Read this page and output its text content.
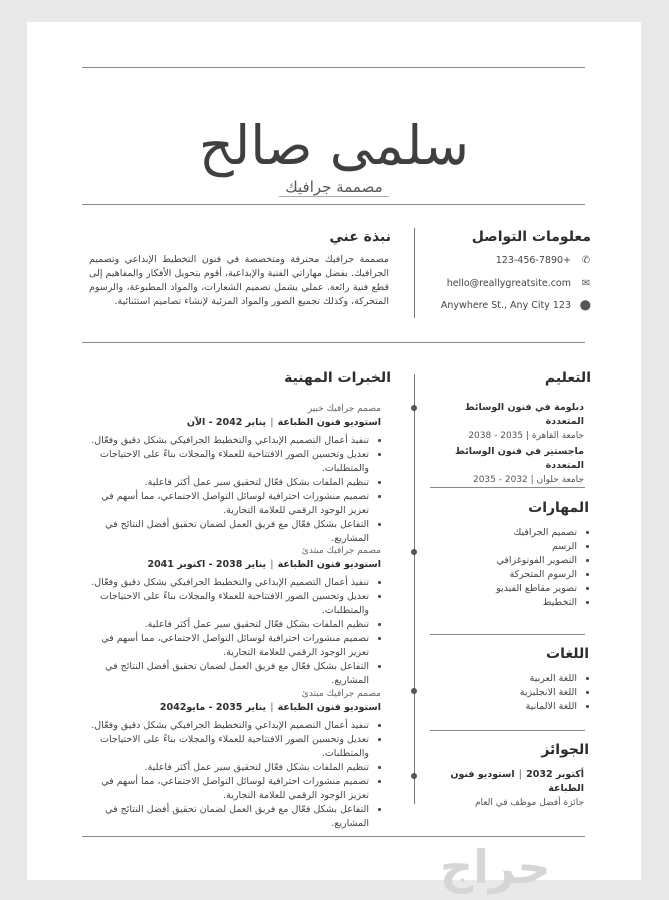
سلمى صالح
مصممة جرافيك
معلومات التواصل
✆
123-456-7890+
✉
hello@reallygreatsite.com
⬤
Anywhere St., Any City 123
نبذة عني
مصممة جرافيك محترفة ومتخصصة في فنون التخطيط الإبداعي وتصميم الجرافيك. بفضل مهاراتي الفنية والإبداعية، أقوم بتحويل الأفكار والمفاهيم إلى قطع فنية رائعة. عملي يشمل تصميم الشعارات، والمواد المطبوعة، والرسوم المتحركة، وكذلك تجميع الصور والمواد المرئية لإنشاء تصاميم استثنائية.
التعليم
دبلومة في فنون الوسائط المتعددة
جامعة القاهرة | 2035 - 2038
ماجستير في فنون الوسائط المتعددة
جامعة حلوان | 2032 - 2035
المهارات
• تصميم الجرافيك
• الرسم
• التصوير الفوتوغرافي
• الرسوم المتحركة
• تصوير مقاطع الفيديو
• التخطيط
اللغات
• اللغة العربية
• اللغة الانجليزية
• اللغة الالمانية
الجوائز
أكتوبر 2032|استوديو فنون الطباعة
جائزة أفضل موظف في العام
الخبرات المهنية
مصمم جرافيك خبير
استوديو فنون الطباعة|يناير 2042 - الآن
• تنفيذ أعمال التصميم الإبداعي والتخطيط الجرافيكي بشكل دقيق وفعّال.
• تعديل وتحسين الصور الافتتاحية للعملاء والمجلات بناءً على الاحتياجات والمتطلبات.
• تنظيم الملفات بشكل فعّال لتحقيق سير عمل أكثر فاعلية.
• تصميم منشورات احترافية لوسائل التواصل الاجتماعي، مما أسهم في تعزيز الوجود الرقمي للعلامة التجارية.
• التفاعل بشكل فعّال مع فريق العمل لضمان تحقيق أفضل النتائج في المشاريع.
مصمم جرافيك مبتدئ
استوديو فنون الطباعة|يناير 2038 - اكتوبر 2041
• تنفيذ أعمال التصميم الإبداعي والتخطيط الجرافيكي بشكل دقيق وفعّال.
• تعديل وتحسين الصور الافتتاحية للعملاء والمجلات بناءً على الاحتياجات والمتطلبات.
• تنظيم الملفات بشكل فعّال لتحقيق سير عمل أكثر فاعلية.
• تصميم منشورات احترافية لوسائل التواصل الاجتماعي، مما أسهم في تعزيز الوجود الرقمي للعلامة التجارية.
• التفاعل بشكل فعّال مع فريق العمل لضمان تحقيق أفضل النتائج في المشاريع.
مصمم جرافيك مبتدئ
استوديو فنون الطباعة|يناير 2035 - مايو2042
• تنفيذ أعمال التصميم الإبداعي والتخطيط الجرافيكي بشكل دقيق وفعّال.
• تعديل وتحسين الصور الافتتاحية للعملاء والمجلات بناءً على الاحتياجات والمتطلبات.
• تنظيم الملفات بشكل فعّال لتحقيق سير عمل أكثر فاعلية.
• تصميم منشورات احترافية لوسائل التواصل الاجتماعي، مما أسهم في تعزيز الوجود الرقمي للعلامة التجارية.
• التفاعل بشكل فعّال مع فريق العمل لضمان تحقيق أفضل النتائج في المشاريع.
حراج
